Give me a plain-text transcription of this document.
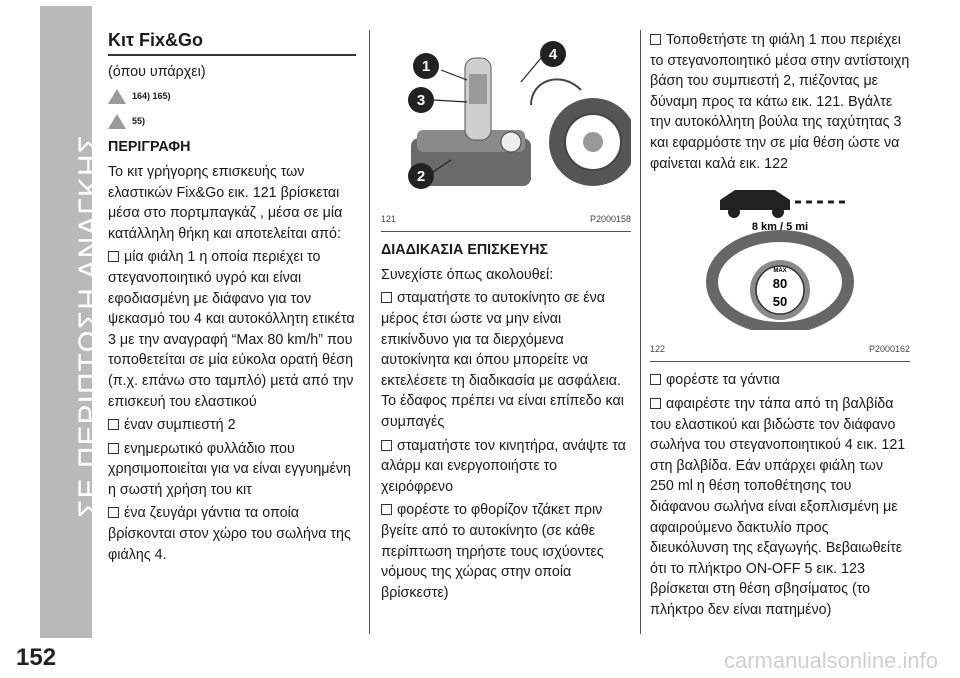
ΣΕ ΠΕΡΙΠΤΩΣΗ ΑΝΑΓΚΗΣ
Κιτ Fix&Go

(όπου υπάρχει)

164) 165)
55)
ΠΕΡΙΓΡΑΦΗ

Το κιτ γρήγορης επισκευής των ελαστικών Fix&Go εικ. 121 βρίσκεται μέσα στο πορτμπαγκάζ , μέσα σε μία κατάλληλη θήκη και αποτελείται από:

μία φιάλη 1 η οποία περιέχει το στεγανοποιητικό υγρό και είναι εφοδιασμένη με διάφανο για τον ψεκασμό του 4 και αυτοκόλλητη ετικέτα 3 με την αναγραφή “Max 80 km/h” που τοποθετείται σε μία εύκολα ορατή θέση (π.χ. επάνω στο ταμπλό) μετά από την επισκευή του ελαστικού

έναν συμπιεστή 2

ενημερωτικό φυλλάδιο που χρησιμοποιείται για να είναι εγγυημένη η σωστή χρήση του κιτ

ένα ζευγάρι γάντια τα οποία βρίσκονται στον χώρο του σωλήνα της φιάλης 4.

1
3
2
4
121	P2000158
ΔΙΑΔΙΚΑΣΙΑ ΕΠΙΣΚΕΥΗΣ

Συνεχίστε όπως ακολουθεί:

σταματήστε το αυτοκίνητο σε ένα μέρος έτσι ώστε να μην είναι επικίνδυνο για τα διερχόμενα αυτοκίνητα και όπου μπορείτε να εκτελέσετε τη διαδικασία με ασφάλεια. Το έδαφος πρέπει να είναι επίπεδο και συμπαγές

σταματήστε τον κινητήρα, ανάψτε τα αλάρμ και ενεργοποιήστε το χειρόφρενο

φορέστε το φθορίζον τζάκετ πριν βγείτε από το αυτοκίνητο (σε κάθε περίπτωση τηρήστε τους ισχύοντες νόμους της χώρας στην οποία βρίσκεστε)

Τοποθετήστε τη φιάλη 1 που περιέχει το στεγανοποιητικό μέσα στην αντίστοιχη βάση του συμπιεστή 2, πιέζοντας με δύναμη προς τα κάτω εικ. 121. Βγάλτε την αυτοκόλλητη βούλα της ταχύτητας 3 και εφαρμόστε την σε μία θέση ώστε να φαίνεται καλά εικ. 122

8 km / 5 mi
80
50
MAX
122	P2000162

φορέστε τα γάντια

αφαιρέστε την τάπα από τη βαλβίδα του ελαστικού και βιδώστε τον διάφανο σωλήνα του στεγανοποιητικού 4 εικ. 121 στη βαλβίδα. Εάν υπάρχει φιάλη των 250 ml η θέση τοποθέτησης του διάφανου σωλήνα είναι εξοπλισμένη με αφαιρούμενο δακτυλίο προς διευκόλυνση της εξαγωγής. Βεβαιωθείτε ότι το πλήκτρο ON-OFF 5 εικ. 123 βρίσκεται στη θέση σβησίματος (το πλήκτρο δεν είναι πατημένο)

152	carmanualsonline.info
